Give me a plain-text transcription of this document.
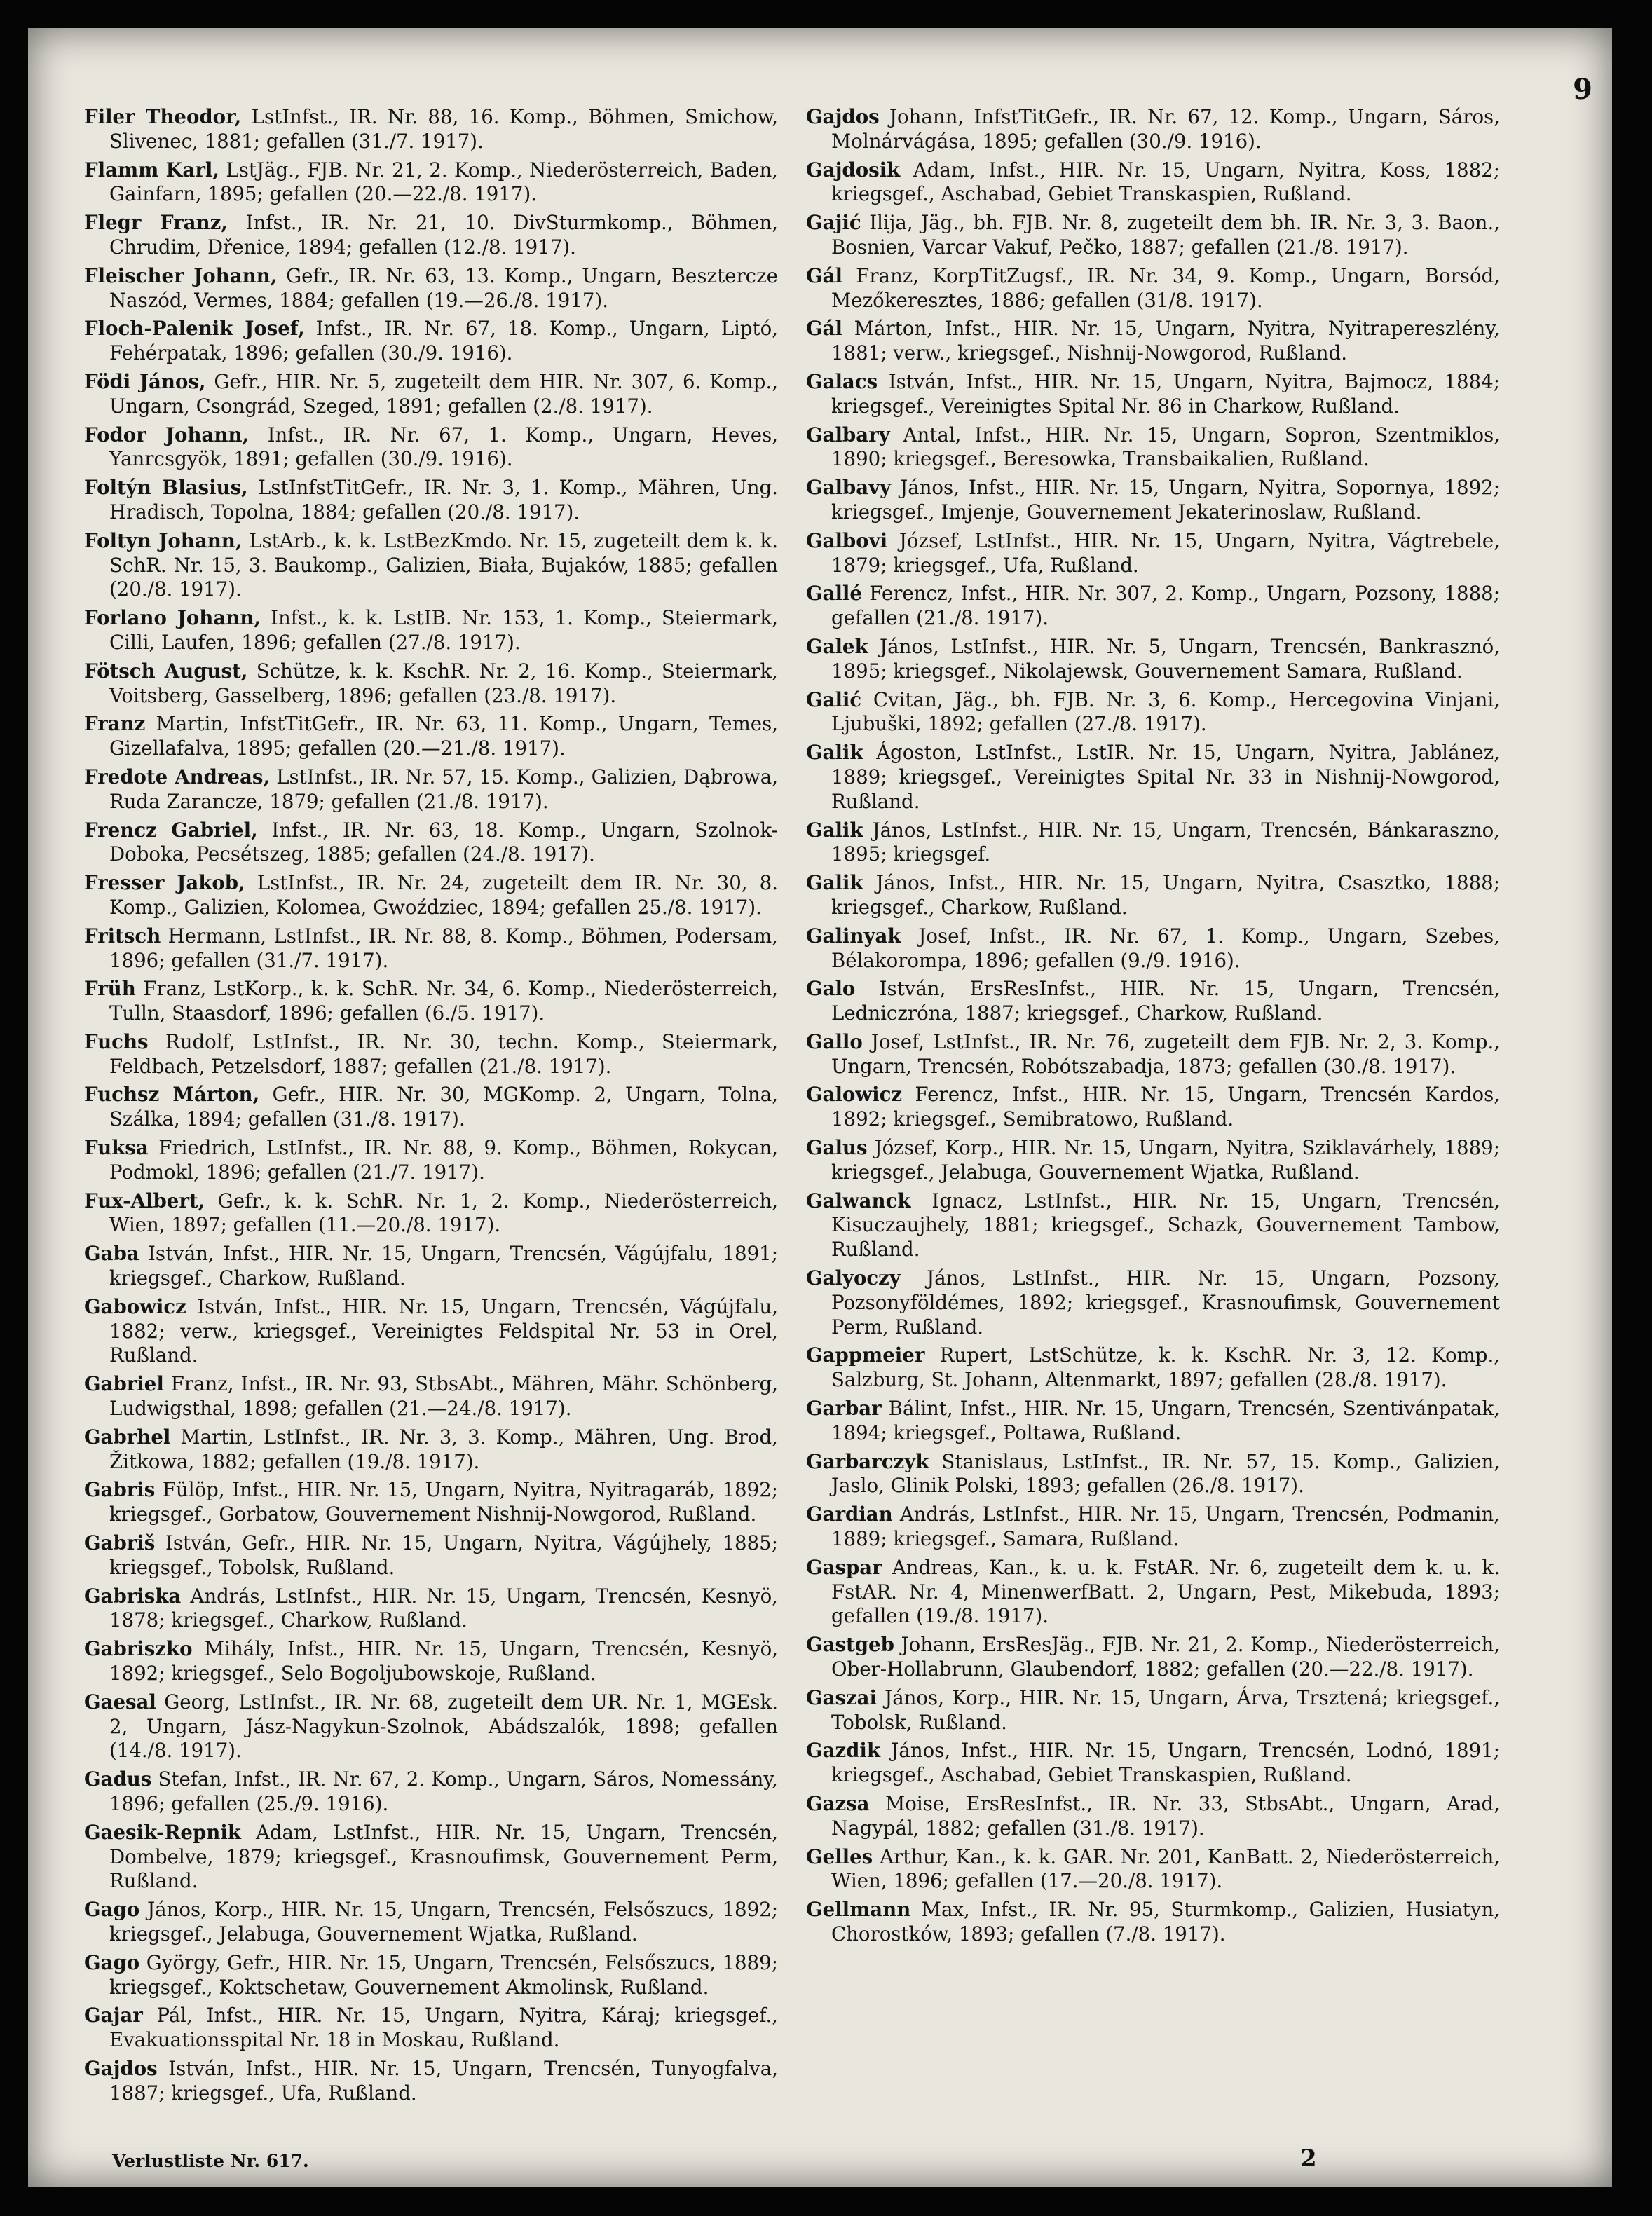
9

Filer Theodor, LstInfst., IR. Nr. 88, 16. Komp., Böhmen, Smichow, Slivenec, 1881; gefallen (31./7. 1917).

Flamm Karl, LstJäg., FJB. Nr. 21, 2. Komp., Niederösterreich, Baden, Gainfarn, 1895; gefallen (20.—22./8. 1917).

Flegr Franz, Infst., IR. Nr. 21, 10. DivSturmkomp., Böhmen, Chrudim, Dřenice, 1894; gefallen (12./8. 1917).

Fleischer Johann, Gefr., IR. Nr. 63, 13. Komp., Ungarn, Besztercze Naszód, Vermes, 1884; gefallen (19.—26./8. 1917).

Floch-Palenik Josef, Infst., IR. Nr. 67, 18. Komp., Ungarn, Liptó, Fehérpatak, 1896; gefallen (30./9. 1916).

Födi János, Gefr., HIR. Nr. 5, zugeteilt dem HIR. Nr. 307, 6. Komp., Ungarn, Csongrád, Szeged, 1891; gefallen (2./8. 1917).

Fodor Johann, Infst., IR. Nr. 67, 1. Komp., Ungarn, Heves, Yanrcsgyök, 1891; gefallen (30./9. 1916).

Foltýn Blasius, LstInfstTitGefr., IR. Nr. 3, 1. Komp., Mähren, Ung. Hradisch, Topolna, 1884; gefallen (20./8. 1917).

Foltyn Johann, LstArb., k. k. LstBezKmdo. Nr. 15, zugeteilt dem k. k. SchR. Nr. 15, 3. Baukomp., Galizien, Biała, Bujaków, 1885; gefallen (20./8. 1917).

Forlano Johann, Infst., k. k. LstIB. Nr. 153, 1. Komp., Steiermark, Cilli, Laufen, 1896; gefallen (27./8. 1917).

Fötsch August, Schütze, k. k. KschR. Nr. 2, 16. Komp., Steiermark, Voitsberg, Gasselberg, 1896; gefallen (23./8. 1917).

Franz Martin, InfstTitGefr., IR. Nr. 63, 11. Komp., Ungarn, Temes, Gizellafalva, 1895; gefallen (20.—21./8. 1917).

Fredote Andreas, LstInfst., IR. Nr. 57, 15. Komp., Galizien, Dąbrowa, Ruda Zarancze, 1879; gefallen (21./8. 1917).

Frencz Gabriel, Infst., IR. Nr. 63, 18. Komp., Ungarn, Szolnok-Doboka, Pecsétszeg, 1885; gefallen (24./8. 1917).

Fresser Jakob, LstInfst., IR. Nr. 24, zugeteilt dem IR. Nr. 30, 8. Komp., Galizien, Kolomea, Gwoździec, 1894; gefallen 25./8. 1917).

Fritsch Hermann, LstInfst., IR. Nr. 88, 8. Komp., Böhmen, Podersam, 1896; gefallen (31./7. 1917).

Früh Franz, LstKorp., k. k. SchR. Nr. 34, 6. Komp., Niederösterreich, Tulln, Staasdorf, 1896; gefallen (6./5. 1917).

Fuchs Rudolf, LstInfst., IR. Nr. 30, techn. Komp., Steiermark, Feldbach, Petzelsdorf, 1887; gefallen (21./8. 1917).

Fuchsz Márton, Gefr., HIR. Nr. 30, MGKomp. 2, Ungarn, Tolna, Szálka, 1894; gefallen (31./8. 1917).

Fuksa Friedrich, LstInfst., IR. Nr. 88, 9. Komp., Böhmen, Rokycan, Podmokl, 1896; gefallen (21./7. 1917).

Fux-Albert, Gefr., k. k. SchR. Nr. 1, 2. Komp., Niederösterreich, Wien, 1897; gefallen (11.—20./8. 1917).

Gaba István, Infst., HIR. Nr. 15, Ungarn, Trencsén, Vágújfalu, 1891; kriegsgef., Charkow, Rußland.

Gabowicz István, Infst., HIR. Nr. 15, Ungarn, Trencsén, Vágújfalu, 1882; verw., kriegsgef., Vereinigtes Feldspital Nr. 53 in Orel, Rußland.

Gabriel Franz, Infst., IR. Nr. 93, StbsAbt., Mähren, Mähr. Schönberg, Ludwigsthal, 1898; gefallen (21.—24./8. 1917).

Gabrhel Martin, LstInfst., IR. Nr. 3, 3. Komp., Mähren, Ung. Brod, Žitkowa, 1882; gefallen (19./8. 1917).

Gabris Fülöp, Infst., HIR. Nr. 15, Ungarn, Nyitra, Nyitragaráb, 1892; kriegsgef., Gorbatow, Gouvernement Nishnij-Nowgorod, Rußland.

Gabriš István, Gefr., HIR. Nr. 15, Ungarn, Nyitra, Vágújhely, 1885; kriegsgef., Tobolsk, Rußland.

Gabriska András, LstInfst., HIR. Nr. 15, Ungarn, Trencsén, Kesnyö, 1878; kriegsgef., Charkow, Rußland.

Gabriszko Mihály, Infst., HIR. Nr. 15, Ungarn, Trencsén, Kesnyö, 1892; kriegsgef., Selo Bogoljubowskoje, Rußland.

Gaesal Georg, LstInfst., IR. Nr. 68, zugeteilt dem UR. Nr. 1, MGEsk. 2, Ungarn, Jász-Nagykun-Szolnok, Abádszalók, 1898; gefallen (14./8. 1917).

Gadus Stefan, Infst., IR. Nr. 67, 2. Komp., Ungarn, Sáros, Nomessány, 1896; gefallen (25./9. 1916).

Gaesik-Repnik Adam, LstInfst., HIR. Nr. 15, Ungarn, Trencsén, Dombelve, 1879; kriegsgef., Krasnoufimsk, Gouvernement Perm, Rußland.

Gago János, Korp., HIR. Nr. 15, Ungarn, Trencsén, Felsőszucs, 1892; kriegsgef., Jelabuga, Gouvernement Wjatka, Rußland.

Gago György, Gefr., HIR. Nr. 15, Ungarn, Trencsén, Felsőszucs, 1889; kriegsgef., Koktschetaw, Gouvernement Akmolinsk, Rußland.

Gajar Pál, Infst., HIR. Nr. 15, Ungarn, Nyitra, Káraj; kriegsgef., Evakuationsspital Nr. 18 in Moskau, Rußland.

Gajdos István, Infst., HIR. Nr. 15, Ungarn, Trencsén, Tunyogfalva, 1887; kriegsgef., Ufa, Rußland.

Gajdos Johann, InfstTitGefr., IR. Nr. 67, 12. Komp., Ungarn, Sáros, Molnárvágása, 1895; gefallen (30./9. 1916).

Gajdosik Adam, Infst., HIR. Nr. 15, Ungarn, Nyitra, Koss, 1882; kriegsgef., Aschabad, Gebiet Transkaspien, Rußland.

Gajić Ilija, Jäg., bh. FJB. Nr. 8, zugeteilt dem bh. IR. Nr. 3, 3. Baon., Bosnien, Varcar Vakuf, Pečko, 1887; gefallen (21./8. 1917).

Gál Franz, KorpTitZugsf., IR. Nr. 34, 9. Komp., Ungarn, Borsód, Mezőkeresztes, 1886; gefallen (31/8. 1917).

Gál Márton, Infst., HIR. Nr. 15, Ungarn, Nyitra, Nyitrapereszlény, 1881; verw., kriegsgef., Nishnij-Nowgorod, Rußland.

Galacs István, Infst., HIR. Nr. 15, Ungarn, Nyitra, Bajmocz, 1884; kriegsgef., Vereinigtes Spital Nr. 86 in Charkow, Rußland.

Galbary Antal, Infst., HIR. Nr. 15, Ungarn, Sopron, Szentmiklos, 1890; kriegsgef., Beresowka, Transbaikalien, Rußland.

Galbavy János, Infst., HIR. Nr. 15, Ungarn, Nyitra, Sopornya, 1892; kriegsgef., Imjenje, Gouvernement Jekaterinoslaw, Rußland.

Galbovi József, LstInfst., HIR. Nr. 15, Ungarn, Nyitra, Vágtrebele, 1879; kriegsgef., Ufa, Rußland.

Gallé Ferencz, Infst., HIR. Nr. 307, 2. Komp., Ungarn, Pozsony, 1888; gefallen (21./8. 1917).

Galek János, LstInfst., HIR. Nr. 5, Ungarn, Trencsén, Bankrasznó, 1895; kriegsgef., Nikolajewsk, Gouvernement Samara, Rußland.

Galić Cvitan, Jäg., bh. FJB. Nr. 3, 6. Komp., Hercegovina Vinjani, Ljubuški, 1892; gefallen (27./8. 1917).

Galik Ágoston, LstInfst., LstIR. Nr. 15, Ungarn, Nyitra, Jablánez, 1889; kriegsgef., Vereinigtes Spital Nr. 33 in Nishnij-Nowgorod, Rußland.

Galik János, LstInfst., HIR. Nr. 15, Ungarn, Trencsén, Bánkaraszno, 1895; kriegsgef.

Galik János, Infst., HIR. Nr. 15, Ungarn, Nyitra, Csasztko, 1888; kriegsgef., Charkow, Rußland.

Galinyak Josef, Infst., IR. Nr. 67, 1. Komp., Ungarn, Szebes, Bélakorompa, 1896; gefallen (9./9. 1916).

Galo István, ErsResInfst., HIR. Nr. 15, Ungarn, Trencsén, Ledniczróna, 1887; kriegsgef., Charkow, Rußland.

Gallo Josef, LstInfst., IR. Nr. 76, zugeteilt dem FJB. Nr. 2, 3. Komp., Ungarn, Trencsén, Robótszabadja, 1873; gefallen (30./8. 1917).

Galowicz Ferencz, Infst., HIR. Nr. 15, Ungarn, Trencsén Kardos, 1892; kriegsgef., Semibratowo, Rußland.

Galus József, Korp., HIR. Nr. 15, Ungarn, Nyitra, Sziklavárhely, 1889; kriegsgef., Jelabuga, Gouvernement Wjatka, Rußland.

Galwanck Ignacz, LstInfst., HIR. Nr. 15, Ungarn, Trencsén, Kisuczaujhely, 1881; kriegsgef., Schazk, Gouvernement Tambow, Rußland.

Galyoczy János, LstInfst., HIR. Nr. 15, Ungarn, Pozsony, Pozsonyföldémes, 1892; kriegsgef., Krasnoufimsk, Gouvernement Perm, Rußland.

Gappmeier Rupert, LstSchütze, k. k. KschR. Nr. 3, 12. Komp., Salzburg, St. Johann, Altenmarkt, 1897; gefallen (28./8. 1917).

Garbar Bálint, Infst., HIR. Nr. 15, Ungarn, Trencsén, Szentivánpatak, 1894; kriegsgef., Poltawa, Rußland.

Garbarczyk Stanislaus, LstInfst., IR. Nr. 57, 15. Komp., Galizien, Jaslo, Glinik Polski, 1893; gefallen (26./8. 1917).

Gardian András, LstInfst., HIR. Nr. 15, Ungarn, Trencsén, Podmanin, 1889; kriegsgef., Samara, Rußland.

Gaspar Andreas, Kan., k. u. k. FstAR. Nr. 6, zugeteilt dem k. u. k. FstAR. Nr. 4, MinenwerfBatt. 2, Ungarn, Pest, Mikebuda, 1893; gefallen (19./8. 1917).

Gastgeb Johann, ErsResJäg., FJB. Nr. 21, 2. Komp., Niederösterreich, Ober-Hollabrunn, Glaubendorf, 1882; gefallen (20.—22./8. 1917).

Gaszai János, Korp., HIR. Nr. 15, Ungarn, Árva, Trsztená; kriegsgef., Tobolsk, Rußland.

Gazdik János, Infst., HIR. Nr. 15, Ungarn, Trencsén, Lodnó, 1891; kriegsgef., Aschabad, Gebiet Transkaspien, Rußland.

Gazsa Moise, ErsResInfst., IR. Nr. 33, StbsAbt., Ungarn, Arad, Nagypál, 1882; gefallen (31./8. 1917).

Gelles Arthur, Kan., k. k. GAR. Nr. 201, KanBatt. 2, Niederösterreich, Wien, 1896; gefallen (17.—20./8. 1917).

Gellmann Max, Infst., IR. Nr. 95, Sturmkomp., Galizien, Husiatyn, Chorostków, 1893; gefallen (7./8. 1917).

Verlustliste Nr. 617.	2
